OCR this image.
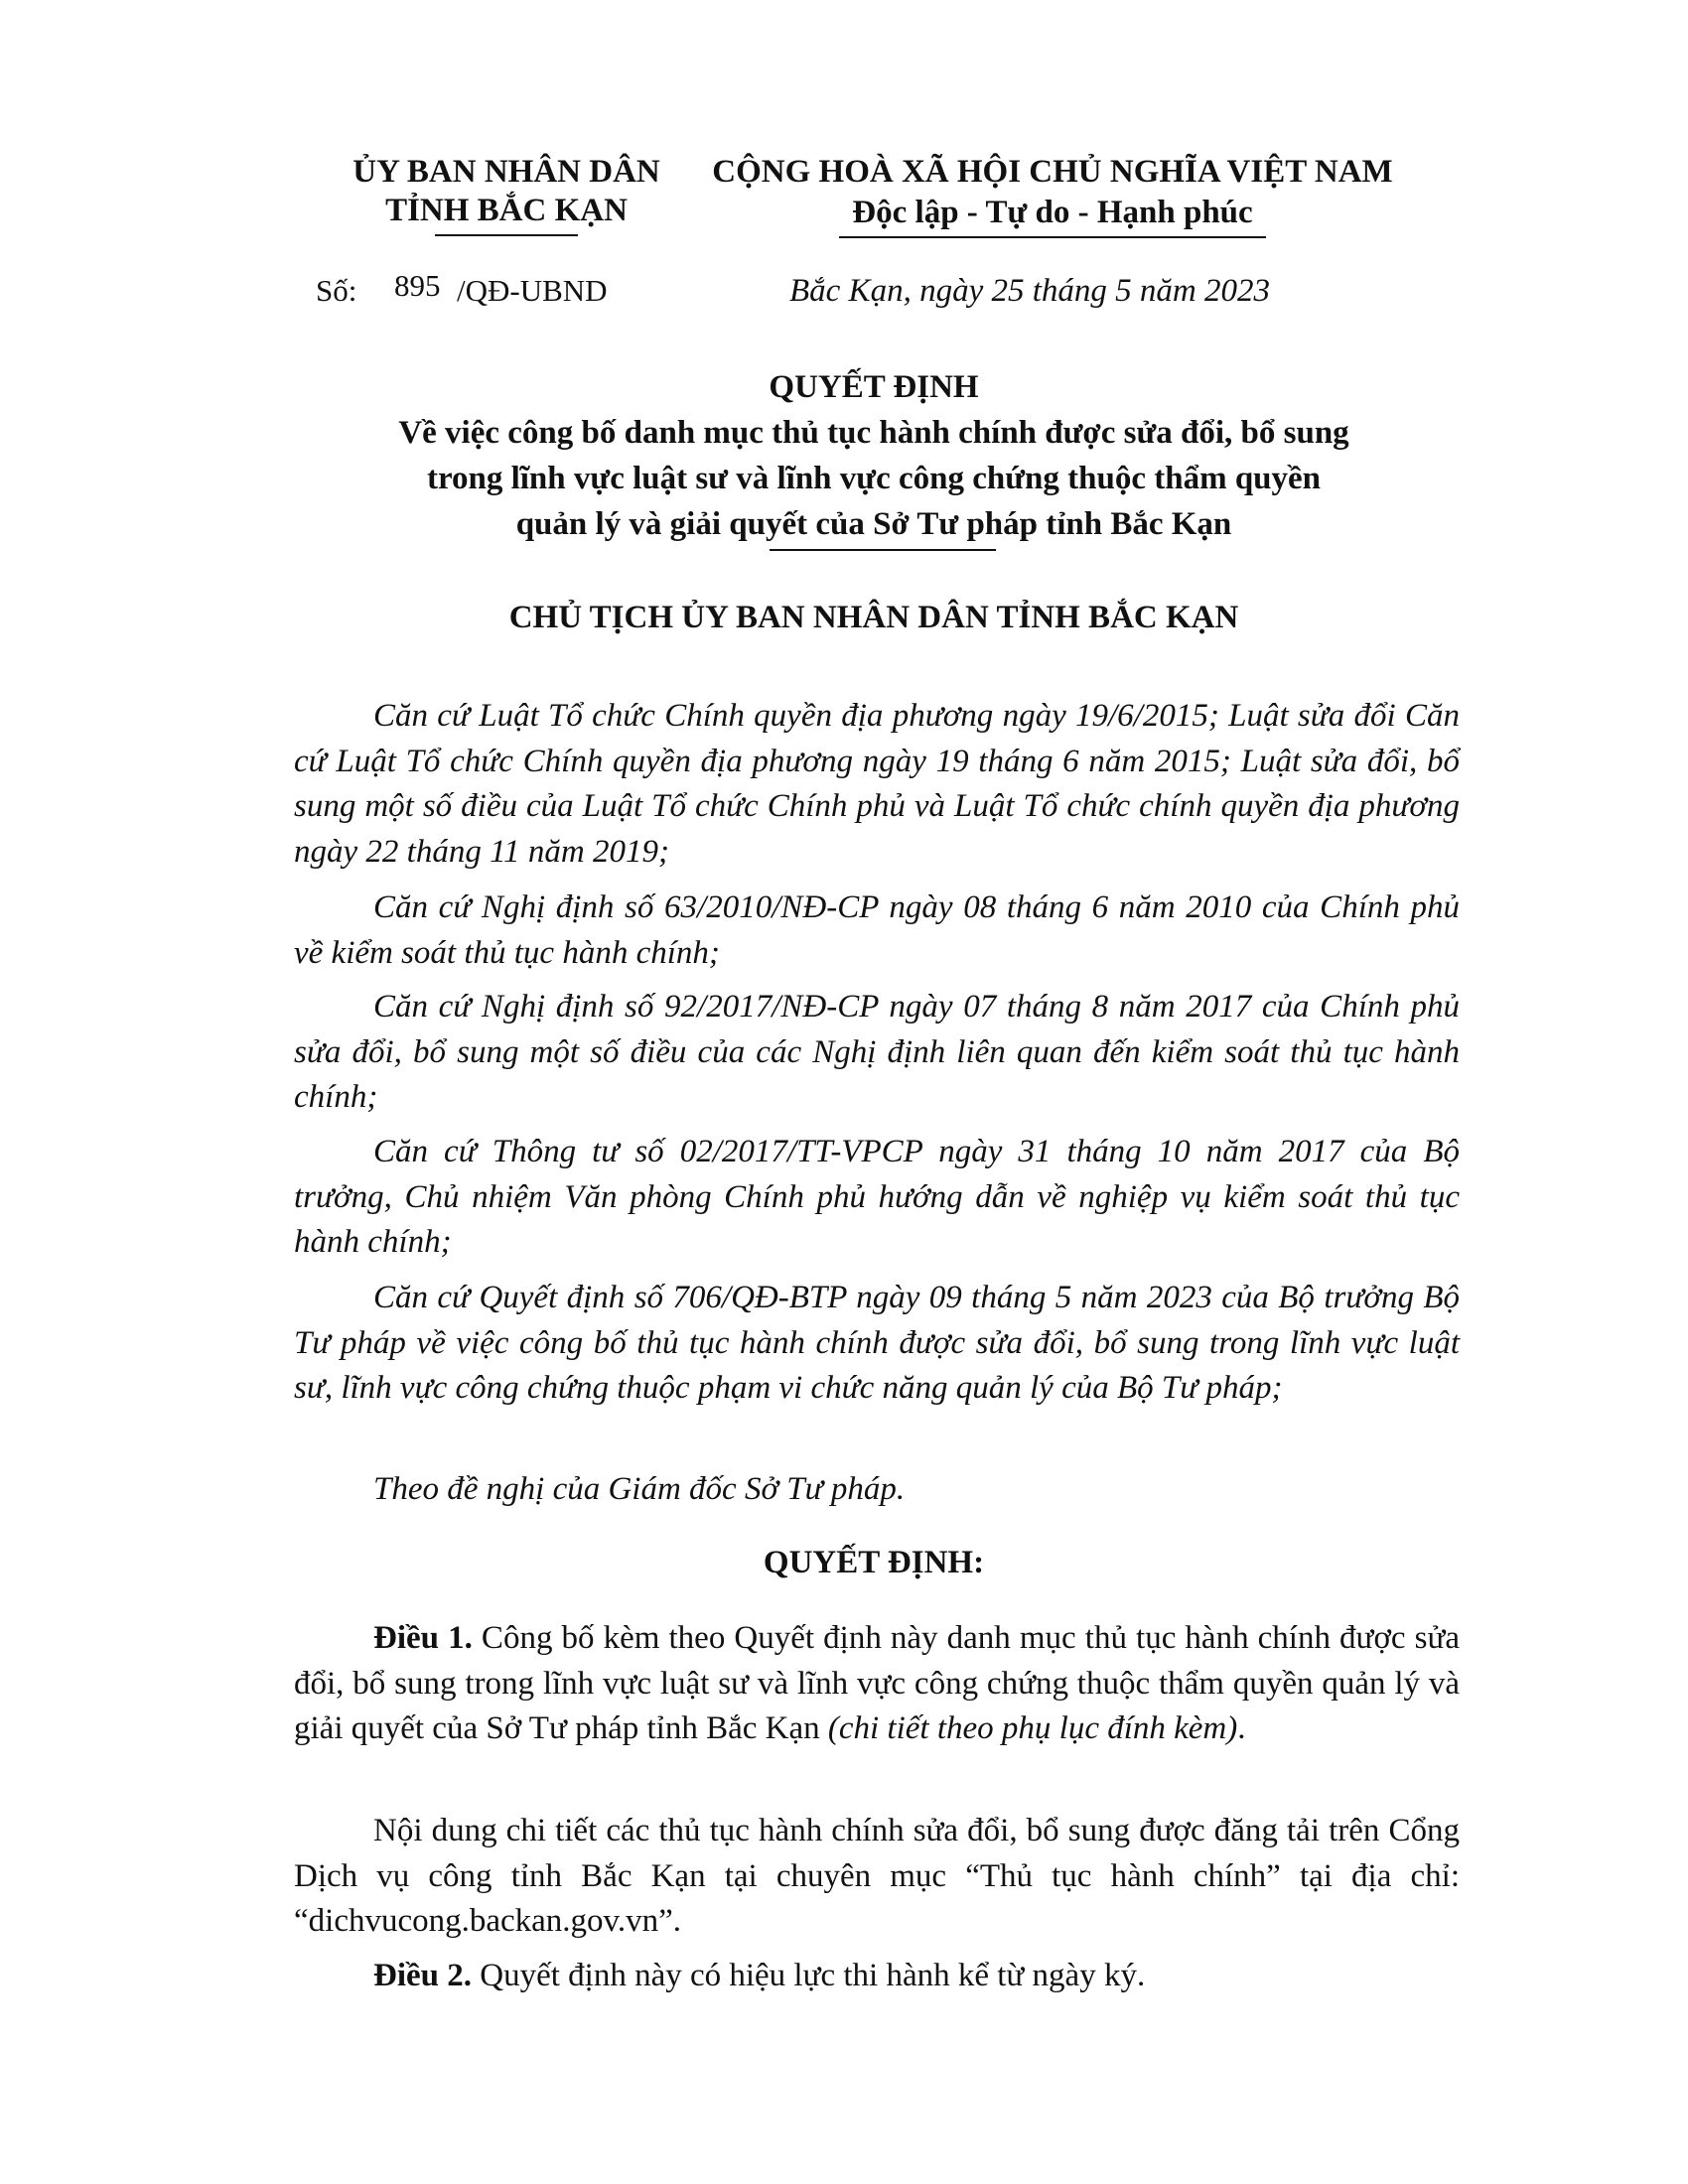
ỦY BAN NHÂN DÂN
TỈNH BẮC KẠN
CỘNG HOÀ XÃ HỘI CHỦ NGHĨA VIỆT NAM
Độc lập - Tự do - Hạnh phúc
Số: 895 /QĐ-UBND	Bắc Kạn, ngày 25 tháng 5 năm 2023
QUYẾT ĐỊNH
Về việc công bố danh mục thủ tục hành chính được sửa đổi, bổ sung
trong lĩnh vực luật sư và lĩnh vực công chứng thuộc thẩm quyền
quản lý và giải quyết của Sở Tư pháp tỉnh Bắc Kạn
CHỦ TỊCH ỦY BAN NHÂN DÂN TỈNH BẮC KẠN
Căn cứ Luật Tổ chức Chính quyền địa phương ngày 19/6/2015; Luật sửa đổi Căn cứ Luật Tổ chức Chính quyền địa phương ngày 19 tháng 6 năm 2015; Luật sửa đổi, bổ sung một số điều của Luật Tổ chức Chính phủ và Luật Tổ chức chính quyền địa phương ngày 22 tháng 11 năm 2019;
Căn cứ Nghị định số 63/2010/NĐ-CP ngày 08 tháng 6 năm 2010 của Chính phủ về kiểm soát thủ tục hành chính;
Căn cứ Nghị định số 92/2017/NĐ-CP ngày 07 tháng 8 năm 2017 của Chính phủ sửa đổi, bổ sung một số điều của các Nghị định liên quan đến kiểm soát thủ tục hành chính;
Căn cứ Thông tư số 02/2017/TT-VPCP ngày 31 tháng 10 năm 2017 của Bộ trưởng, Chủ nhiệm Văn phòng Chính phủ hướng dẫn về nghiệp vụ kiểm soát thủ tục hành chính;
Căn cứ Quyết định số 706/QĐ-BTP ngày 09 tháng 5 năm 2023 của Bộ trưởng Bộ Tư pháp về việc công bố thủ tục hành chính được sửa đổi, bổ sung trong lĩnh vực luật sư, lĩnh vực công chứng thuộc phạm vi chức năng quản lý của Bộ Tư pháp;
Theo đề nghị của Giám đốc Sở Tư pháp.
QUYẾT ĐỊNH:
Điều 1. Công bố kèm theo Quyết định này danh mục thủ tục hành chính được sửa đổi, bổ sung trong lĩnh vực luật sư và lĩnh vực công chứng thuộc thẩm quyền quản lý và giải quyết của Sở Tư pháp tỉnh Bắc Kạn (chi tiết theo phụ lục đính kèm).
Nội dung chi tiết các thủ tục hành chính sửa đổi, bổ sung được đăng tải trên Cổng Dịch vụ công tỉnh Bắc Kạn tại chuyên mục “Thủ tục hành chính” tại địa chỉ: “dichvucong.backan.gov.vn”.
Điều 2. Quyết định này có hiệu lực thi hành kể từ ngày ký.
